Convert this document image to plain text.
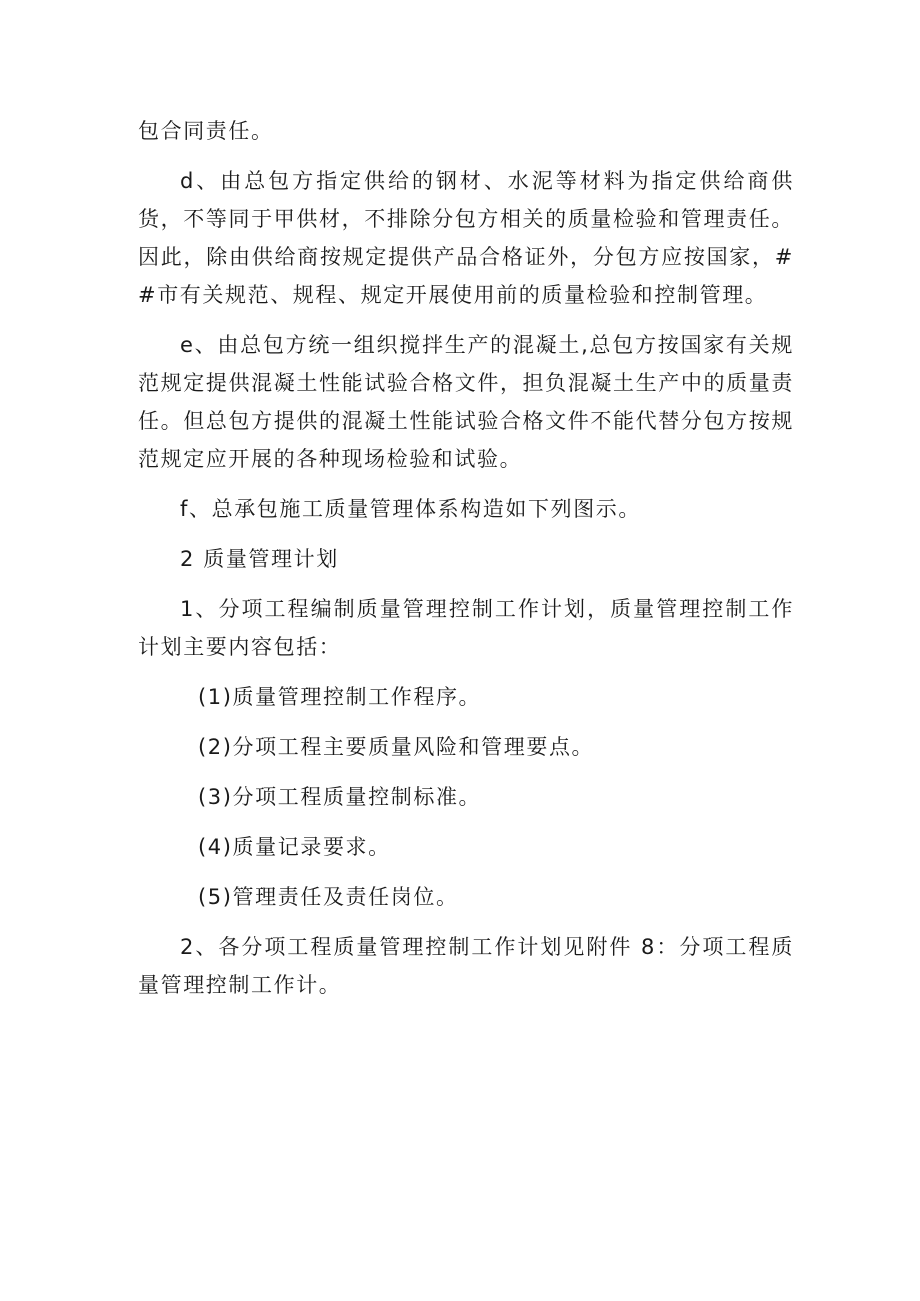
包合同责任。

d、由总包方指定供给的钢材、水泥等材料为指定供给商供货，不等同于甲供材，不排除分包方相关的质量检验和管理责任。因此，除由供给商按规定提供产品合格证外，分包方应按国家，##市有关规范、规程、规定开展使用前的质量检验和控制管理。

e、由总包方统一组织搅拌生产的混凝土,总包方按国家有关规范规定提供混凝土性能试验合格文件，担负混凝土生产中的质量责任。但总包方提供的混凝土性能试验合格文件不能代替分包方按规范规定应开展的各种现场检验和试验。

f、总承包施工质量管理体系构造如下列图示。

2 质量管理计划

1、分项工程编制质量管理控制工作计划，质量管理控制工作计划主要内容包括：

(1)质量管理控制工作程序。

(2)分项工程主要质量风险和管理要点。

(3)分项工程质量控制标准。

(4)质量记录要求。

(5)管理责任及责任岗位。

2、各分项工程质量管理控制工作计划见附件 8：分项工程质量管理控制工作计。
